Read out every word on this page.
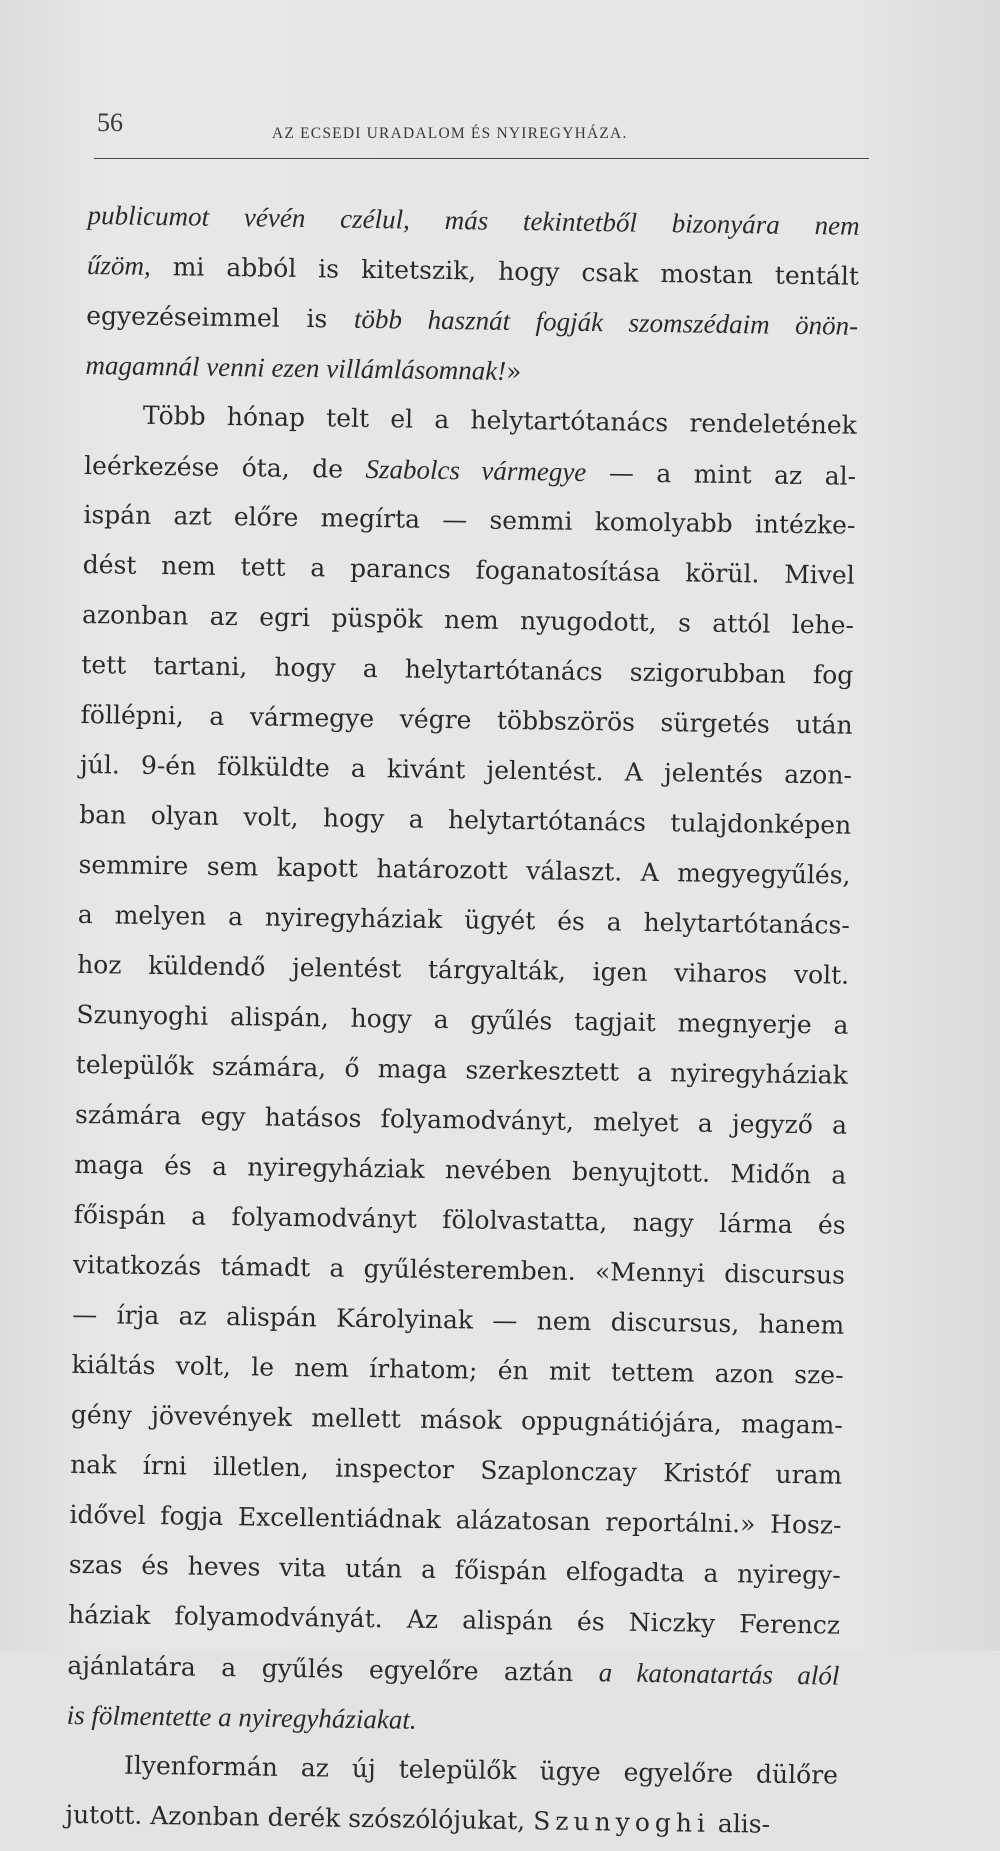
56	AZ ECSEDI URADALOM ÉS NYIREGYHÁZA.
publicumot vévén czélul, más tekintetből bizonyára nem
űzöm, mi abból is kitetszik, hogy csak mostan tentált
egyezéseimmel is több hasznát fogják szomszédaim önön-
magamnál venni ezen villámlásomnak!»
Több hónap telt el a helytartótanács rendeletének
leérkezése óta, de Szabolcs vármegye — a mint az al-
ispán azt előre megírta — semmi komolyabb intézke-
dést nem tett a parancs foganatosítása körül. Mivel
azonban az egri püspök nem nyugodott, s attól lehe-
tett tartani, hogy a helytartótanács szigorubban fog
föllépni, a vármegye végre többszörös sürgetés után
júl. 9-én fölküldte a kivánt jelentést. A jelentés azon-
ban olyan volt, hogy a helytartótanács tulajdonképen
semmire sem kapott határozott választ. A megyegyűlés,
a melyen a nyiregyháziak ügyét és a helytartótanács-
hoz küldendő jelentést tárgyalták, igen viharos volt.
Szunyoghi alispán, hogy a gyűlés tagjait megnyerje a
települők számára, ő maga szerkesztett a nyiregyháziak
számára egy hatásos folyamodványt, melyet a jegyző a
maga és a nyiregyháziak nevében benyujtott. Midőn a
főispán a folyamodványt fölolvastatta, nagy lárma és
vitatkozás támadt a gyűlésteremben. «Mennyi discursus
— írja az alispán Károlyinak — nem discursus, hanem
kiáltás volt, le nem írhatom; én mit tettem azon sze-
gény jövevények mellett mások oppugnátiójára, magam-
nak írni illetlen, inspector Szaplonczay Kristóf uram
idővel fogja Excellentiádnak alázatosan reportálni.» Hosz-
szas és heves vita után a főispán elfogadta a nyiregy-
háziak folyamodványát. Az alispán és Niczky Ferencz
ajánlatára a gyűlés egyelőre aztán a katonatartás alól
is fölmentette a nyiregyháziakat.
Ilyenformán az új települők ügye egyelőre dülőre
jutott. Azonban derék szószólójukat, Szunyoghi alis-
